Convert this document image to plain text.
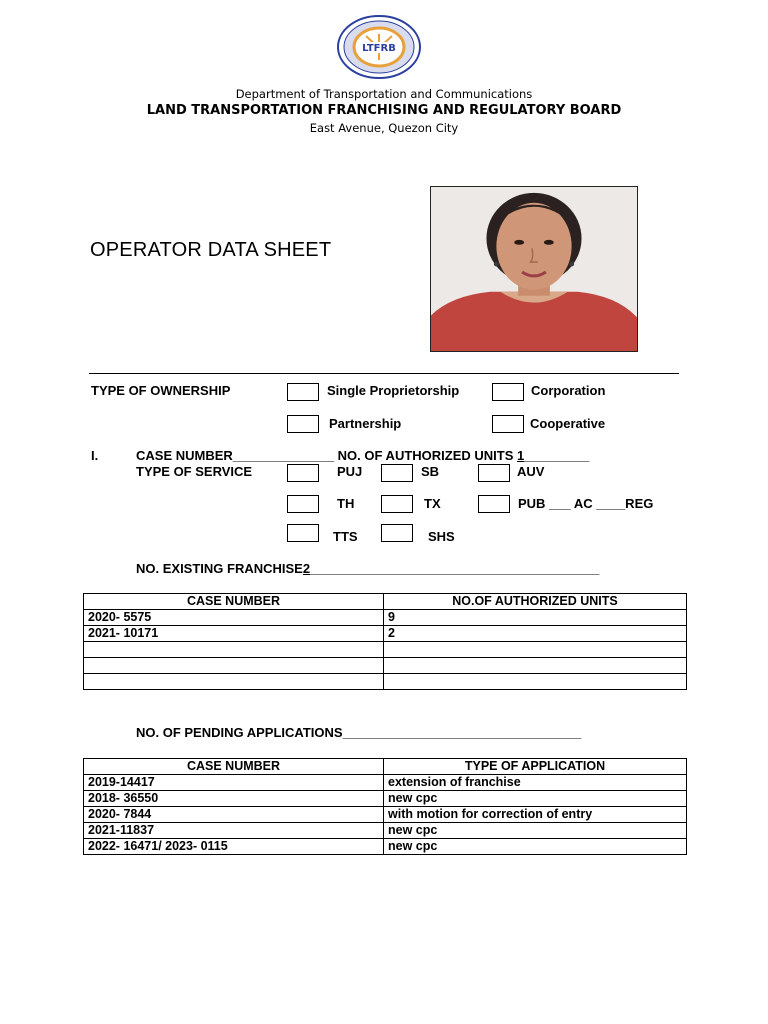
LTFRB
Department of Transportation and Communications
LAND TRANSPORTATION FRANCHISING AND REGULATORY BOARD
East Avenue, Quezon City
OPERATOR DATA SHEET
TYPE OF OWNERSHIP	Single Proprietorship	Corporation
Partnership	Cooperative
I.	CASE NUMBER______________ NO. OF AUTHORIZED UNITS 1_________
TYPE OF SERVICE	PUJ	SB	AUV
TH	TX	PUB ___ AC ____REG
TTS	SHS
NO. EXISTING FRANCHISE2________________________________________
CASE NUMBER	NO.OF AUTHORIZED UNITS
2020- 5575	9
2021- 10171	2

NO. OF PENDING APPLICATIONS_________________________________
CASE NUMBER	TYPE OF APPLICATION
2019-14417	extension of franchise
2018- 36550	new cpc
2020- 7844	with motion for correction of entry
2021-11837	new cpc
2022- 16471/ 2023- 0115	new cpc
